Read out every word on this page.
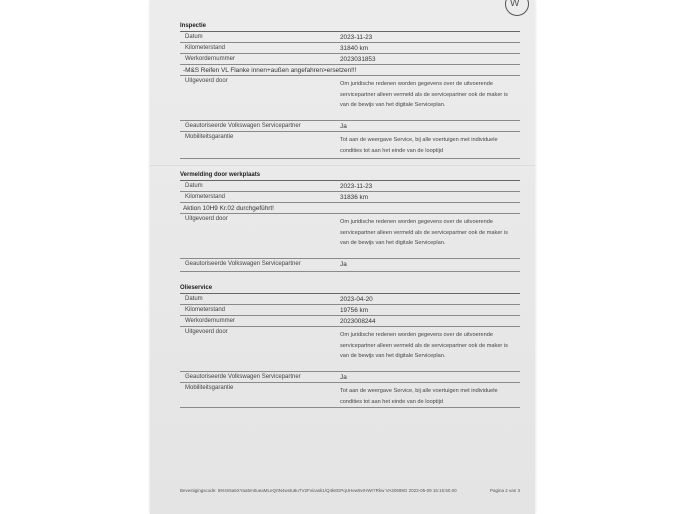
W
Inspectie
Datum	2023-11-23
Kilometerstand	31840 km
Werkordernummer	2023031853
-M&S Reifen VL Flanke innen+außen angefahren>ersetzen!!!
Uitgevoerd door	Om juridische redenen worden gegevens over de uitvoerende servicepartner alleen vermeld als de servicepartner ook de maker is van de bewijs van het digitale Serviceplan.
Geautoriseerde Volkswagen Servicepartner	Ja
Mobiliteitsgarantie	Tot aan de weergave Service, bij alle voertuigen met individuele condities tot aan het einde van de looptijd
Vermelding door werkplaats
Datum	2023-11-23
Kilometerstand	31836 km
Aktion 10H9 Kr.02 durchgeführt!
Uitgevoerd door	Om juridische redenen worden gegevens over de uitvoerende servicepartner alleen vermeld als de servicepartner ook de maker is van de bewijs van het digitale Serviceplan.
Geautoriseerde Volkswagen Servicepartner	Ja
Olieservice
Datum	2023-04-20
Kilometerstand	19756 km
Werkordernummer	2023008244
Uitgevoerd door	Om juridische redenen worden gegevens over de uitvoerende servicepartner alleen vermeld als de servicepartner ook de maker is van de bewijs van het digitale Serviceplan.
Geautoriseerde Volkswagen Servicepartner	Ja
Mobiliteitsgarantie	Tot aan de weergave Service, bij alle voertuigen met individuele condities tot aan het einde van de looptijd
Bevestigingscode: 59r4n5a6XYaa5m0ueaMLeQrtN4wstu8uTV2Fvicask1/Q4k8GPqUHew9vrHWr7Rkw VA20698G 2023-05-09 16:15:50.00	Pagina 2 van 3
